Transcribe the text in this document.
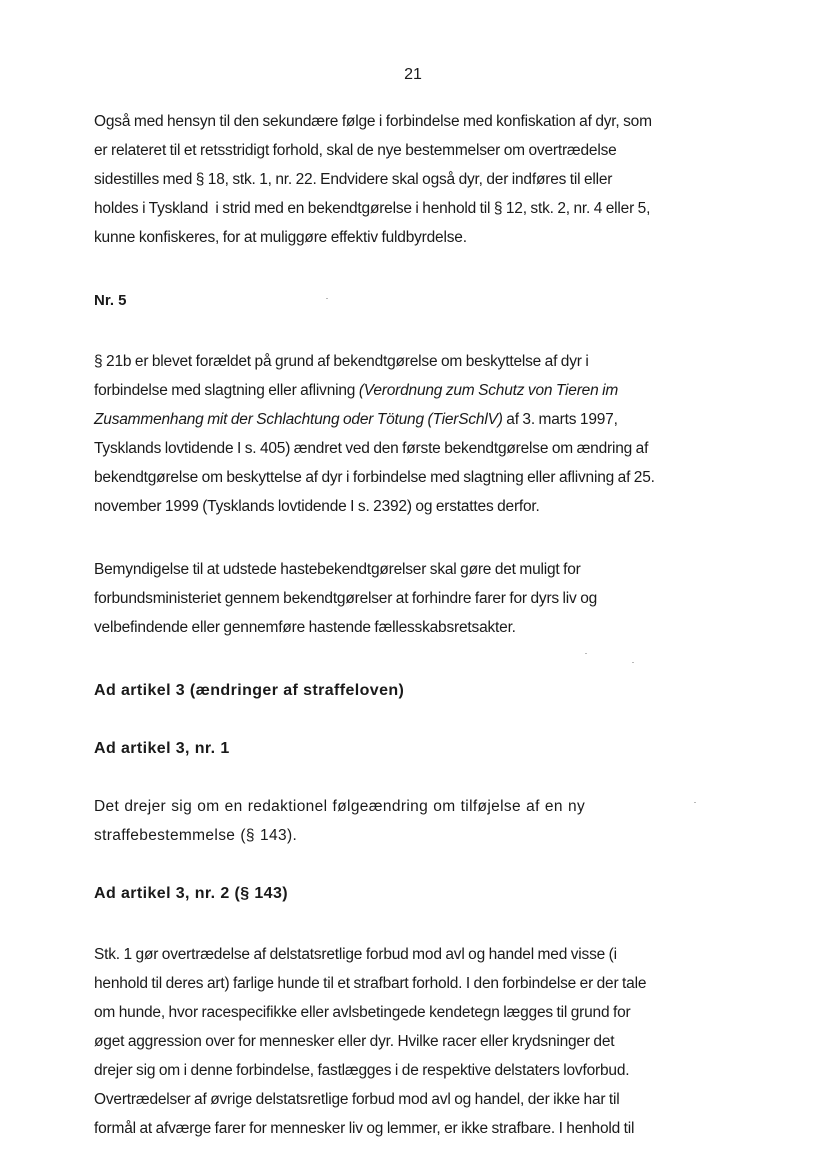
21
Også med hensyn til den sekundære følge i forbindelse med konfiskation af dyr, som
er relateret til et retsstridigt forhold, skal de nye bestemmelser om overtrædelse
sidestilles med § 18, stk. 1, nr. 22. Endvidere skal også dyr, der indføres til eller
holdes i Tyskland  i strid med en bekendtgørelse i henhold til § 12, stk. 2, nr. 4 eller 5,
kunne konfiskeres, for at muliggøre effektiv fuldbyrdelse.
Nr. 5
§ 21b er blevet forældet på grund af bekendtgørelse om beskyttelse af dyr i
forbindelse med slagtning eller aflivning (Verordnung zum Schutz von Tieren im
Zusammenhang mit der Schlachtung oder Tötung (TierSchlV) af 3. marts 1997,
Tysklands lovtidende I s. 405) ændret ved den første bekendtgørelse om ændring af
bekendtgørelse om beskyttelse af dyr i forbindelse med slagtning eller aflivning af 25.
november 1999 (Tysklands lovtidende I s. 2392) og erstattes derfor.
Bemyndigelse til at udstede hastebekendtgørelser skal gøre det muligt for
forbundsministeriet gennem bekendtgørelser at forhindre farer for dyrs liv og
velbefindende eller gennemføre hastende fællesskabsretsakter.
Ad artikel 3 (ændringer af straffeloven)
Ad artikel 3, nr. 1
Det drejer sig om en redaktionel følgeændring om tilføjelse af en ny
straffebestemmelse (§ 143).
Ad artikel 3, nr. 2 (§ 143)
Stk. 1 gør overtrædelse af delstatsretlige forbud mod avl og handel med visse (i
henhold til deres art) farlige hunde til et strafbart forhold. I den forbindelse er der tale
om hunde, hvor racespecifikke eller avlsbetingede kendetegn lægges til grund for
øget aggression over for mennesker eller dyr. Hvilke racer eller krydsninger det
drejer sig om i denne forbindelse, fastlægges i de respektive delstaters lovforbud.
Overtrædelser af øvrige delstatsretlige forbud mod avl og handel, der ikke har til
formål at afværge farer for mennesker liv og lemmer, er ikke strafbare. I henhold til
